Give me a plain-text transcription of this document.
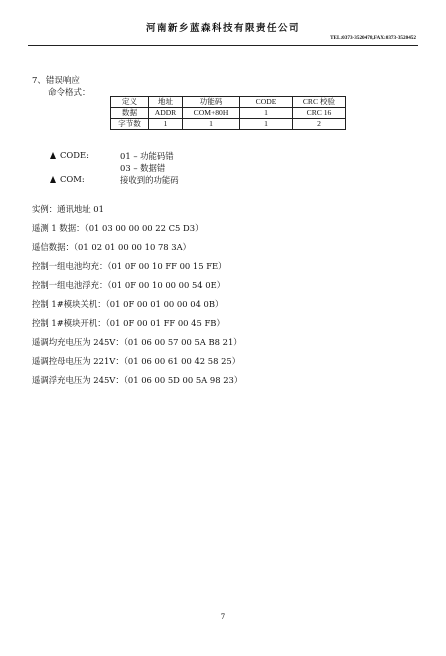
河南新乡蓝森科技有限责任公司
TEL:0373-3520478,FAX:0373-3520452
7、错误响应
命令格式：
定义	地址	功能码	CODE	CRC 校验
数据	ADDR	COM+80H	1	CRC 16
字节数	1	1	1	2
CODE:	01 – 功能码错
03 – 数据错
COM:	接收到的功能码
实例：通讯地址 01
遥测 1 数据：（01 03 00 00 00 22 C5 D3）
遥信数据：（01 02 01 00 00 10 78 3A）
控制一组电池均充：（01 0F 00 10 FF 00 15 FE）
控制一组电池浮充：（01 0F 00 10 00 00 54 0E）
控制 1#模块关机：（01 0F 00 01 00 00 04 0B）
控制 1#模块开机：（01 0F 00 01 FF 00 45 FB）
遥调均充电压为 245V：（01 06 00 57 00 5A B8 21）
遥调控母电压为 221V：（01 06 00 61 00 42 58 25）
遥调浮充电压为 245V：（01 06 00 5D 00 5A 98 23）
7
